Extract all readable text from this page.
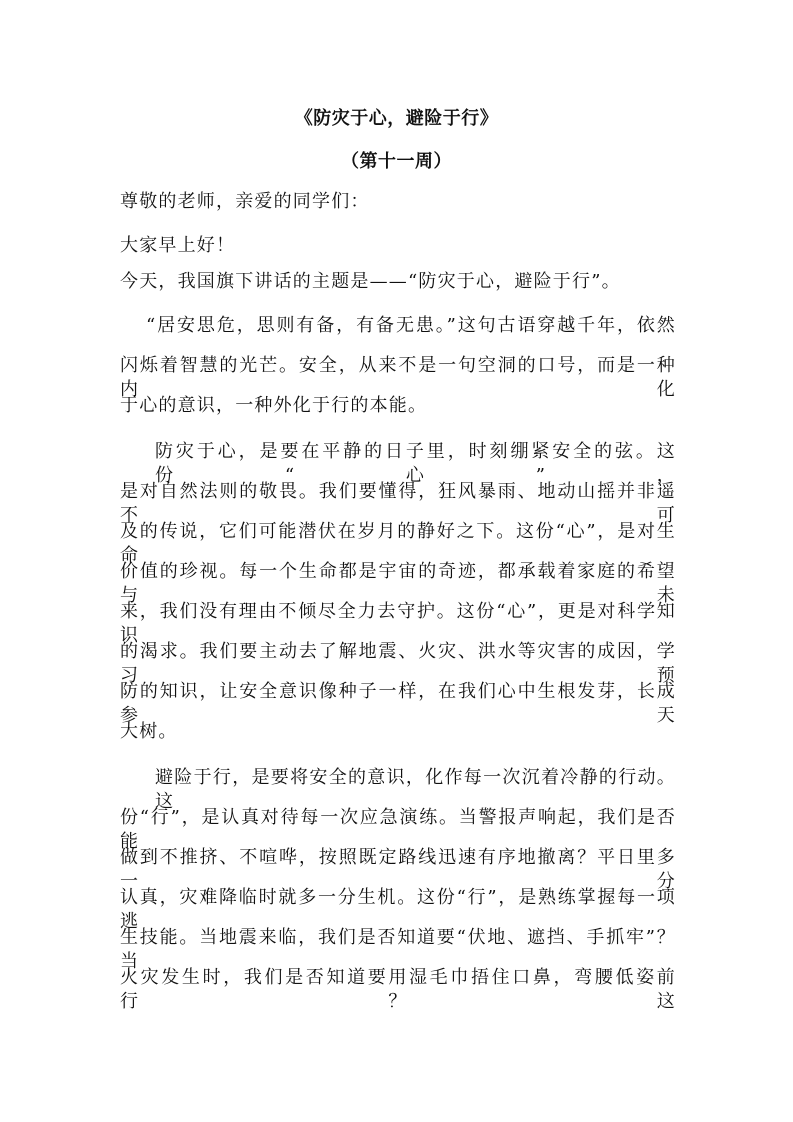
《防灾于心，避险于行》
（第十一周）
尊敬的老师，亲爱的同学们：
大家早上好！
今天，我国旗下讲话的主题是——“防灾于心，避险于行”。
“居安思危，思则有备，有备无患。”这句古语穿越千年，依然
闪烁着智慧的光芒。安全，从来不是一句空洞的口号，而是一种内化
于心的意识，一种外化于行的本能。
防灾于心，是要在平静的日子里，时刻绷紧安全的弦。这份“心”，
是对自然法则的敬畏。我们要懂得，狂风暴雨、地动山摇并非遥不可
及的传说，它们可能潜伏在岁月的静好之下。这份“心”，是对生命
价值的珍视。每一个生命都是宇宙的奇迹，都承载着家庭的希望与未
来，我们没有理由不倾尽全力去守护。这份“心”，更是对科学知识
的渴求。我们要主动去了解地震、火灾、洪水等灾害的成因，学习预
防的知识，让安全意识像种子一样，在我们心中生根发芽，长成参天
大树。
避险于行，是要将安全的意识，化作每一次沉着冷静的行动。这
份“行”，是认真对待每一次应急演练。当警报声响起，我们是否能
做到不推挤、不喧哗，按照既定路线迅速有序地撤离？平日里多一分
认真，灾难降临时就多一分生机。这份“行”，是熟练掌握每一项逃
生技能。当地震来临，我们是否知道要“伏地、遮挡、手抓牢”？当
火灾发生时，我们是否知道要用湿毛巾捂住口鼻，弯腰低姿前行？这
